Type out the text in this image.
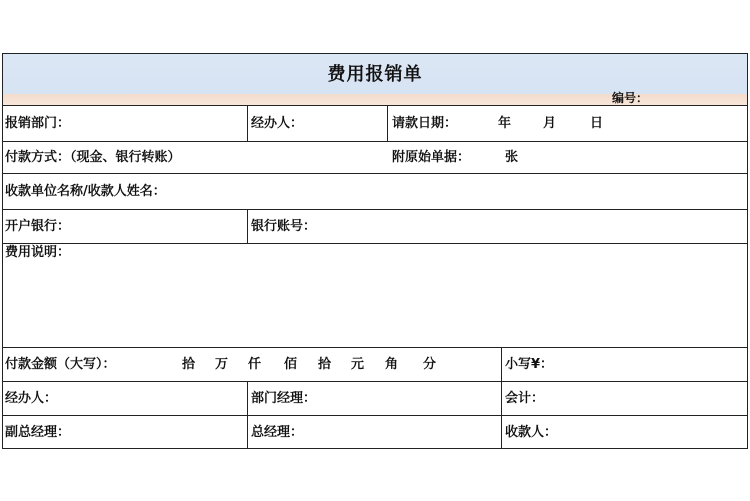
费用报销单
编号：
报销部门：	经办人：	请款日期：	年 月	日
付款方式：（现金、银行转账）	附原始单据：	张
收款单位名称/收款人姓名：
开户银行：	银行账号：
费用说明：
付款金额（大写）：	拾 万 仟 佰 拾 元 角 分	小写¥：
经办人：	部门经理：	会计：
副总经理：	总经理：	收款人：
